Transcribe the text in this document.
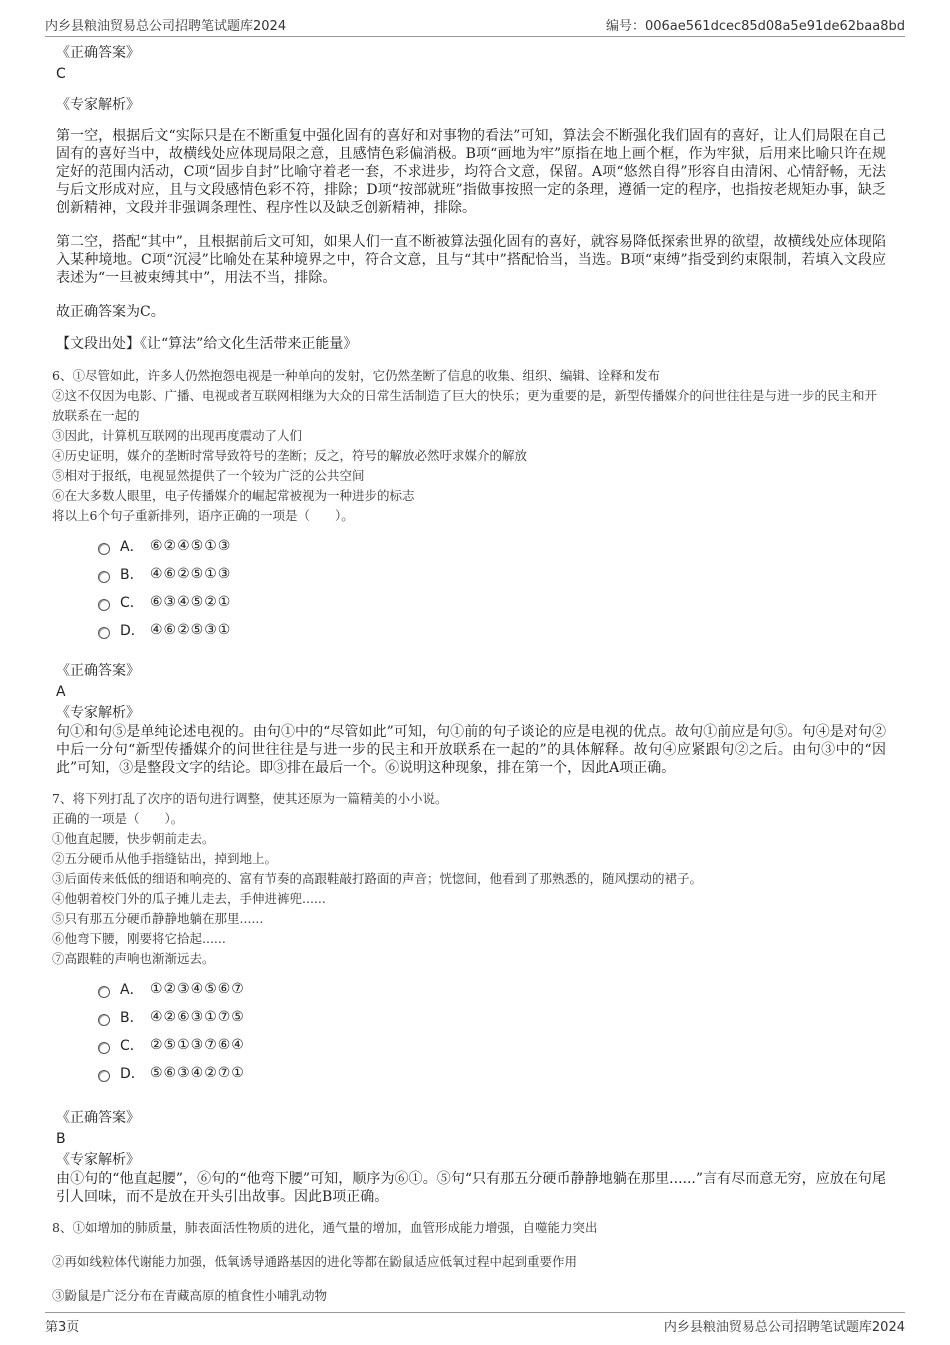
内乡县粮油贸易总公司招聘笔试题库2024	编号：006ae561dcec85d08a5e91de62baa8bd

《正确答案》

C

《专家解析》

第一空，根据后文“实际只是在不断重复中强化固有的喜好和对事物的看法”可知，算法会不断强化我们固有的喜好，让人们局限在自己固有的喜好当中，故横线处应体现局限之意，且感情色彩偏消极。B项“画地为牢”原指在地上画个框，作为牢狱，后用来比喻只许在规定好的范围内活动，C项“固步自封”比喻守着老一套，不求进步，均符合文意，保留。A项“悠然自得”形容自由清闲、心情舒畅，无法与后文形成对应，且与文段感情色彩不符，排除；D项“按部就班”指做事按照一定的条理，遵循一定的程序，也指按老规矩办事，缺乏创新精神，文段并非强调条理性、程序性以及缺乏创新精神，排除。

第二空，搭配“其中”，且根据前后文可知，如果人们一直不断被算法强化固有的喜好，就容易降低探索世界的欲望，故横线处应体现陷入某种境地。C项“沉浸”比喻处在某种境界之中，符合文意，且与“其中”搭配恰当，当选。B项“束缚”指受到约束限制，若填入文段应表述为“一旦被束缚其中”，用法不当，排除。

故正确答案为C。

【文段出处】《让“算法”给文化生活带来正能量》

6、①尽管如此，许多人仍然抱怨电视是一种单向的发射，它仍然垄断了信息的收集、组织、编辑、诠释和发布

②这不仅因为电影、广播、电视或者互联网相继为大众的日常生活制造了巨大的快乐；更为重要的是，新型传播媒介的问世往往是与进一步的民主和开放联系在一起的

③因此，计算机互联网的出现再度震动了人们

④历史证明，媒介的垄断时常导致符号的垄断；反之，符号的解放必然吁求媒介的解放

⑤相对于报纸，电视显然提供了一个较为广泛的公共空间

⑥在大多数人眼里，电子传播媒介的崛起常被视为一种进步的标志

将以上6个句子重新排列，语序正确的一项是（　　）。

A． ⑥②④⑤①③
B． ④⑥②⑤①③
C． ⑥③④⑤②①
D． ④⑥②⑤③①

《正确答案》

A

《专家解析》

句①和句⑤是单纯论述电视的。由句①中的“尽管如此”可知，句①前的句子谈论的应是电视的优点。故句①前应是句⑤。句④是对句②中后一分句“新型传播媒介的问世往往是与进一步的民主和开放联系在一起的”的具体解释。故句④应紧跟句②之后。由句③中的“因此”可知，③是整段文字的结论。即③排在最后一个。⑥说明这种现象，排在第一个，因此A项正确。

7、将下列打乱了次序的语句进行调整，使其还原为一篇精美的小小说。

正确的一项是（　　）。

①他直起腰，快步朝前走去。

②五分硬币从他手指缝钻出，掉到地上。

③后面传来低低的细语和响亮的、富有节奏的高跟鞋敲打路面的声音；恍惚间，他看到了那熟悉的，随风摆动的裙子。

④他朝着校门外的瓜子摊儿走去，手伸进裤兜......

⑤只有那五分硬币静静地躺在那里......

⑥他弯下腰，刚要将它拾起......

⑦高跟鞋的声响也渐渐远去。

A． ①②③④⑤⑥⑦
B． ④②⑥③①⑦⑤
C． ②⑤①③⑦⑥④
D． ⑤⑥③④②⑦①

《正确答案》

B

《专家解析》

由①句的“他直起腰”，⑥句的“他弯下腰”可知，顺序为⑥①。⑤句“只有那五分硬币静静地躺在那里......”言有尽而意无穷，应放在句尾引人回味，而不是放在开头引出故事。因此B项正确。

8、①如增加的肺质量，肺表面活性物质的进化，通气量的增加，血管形成能力增强，自噬能力突出

②再如线粒体代谢能力加强，低氧诱导通路基因的进化等都在鼢鼠适应低氧过程中起到重要作用

③鼢鼠是广泛分布在青藏高原的植食性小哺乳动物

第3页	内乡县粮油贸易总公司招聘笔试题库2024
